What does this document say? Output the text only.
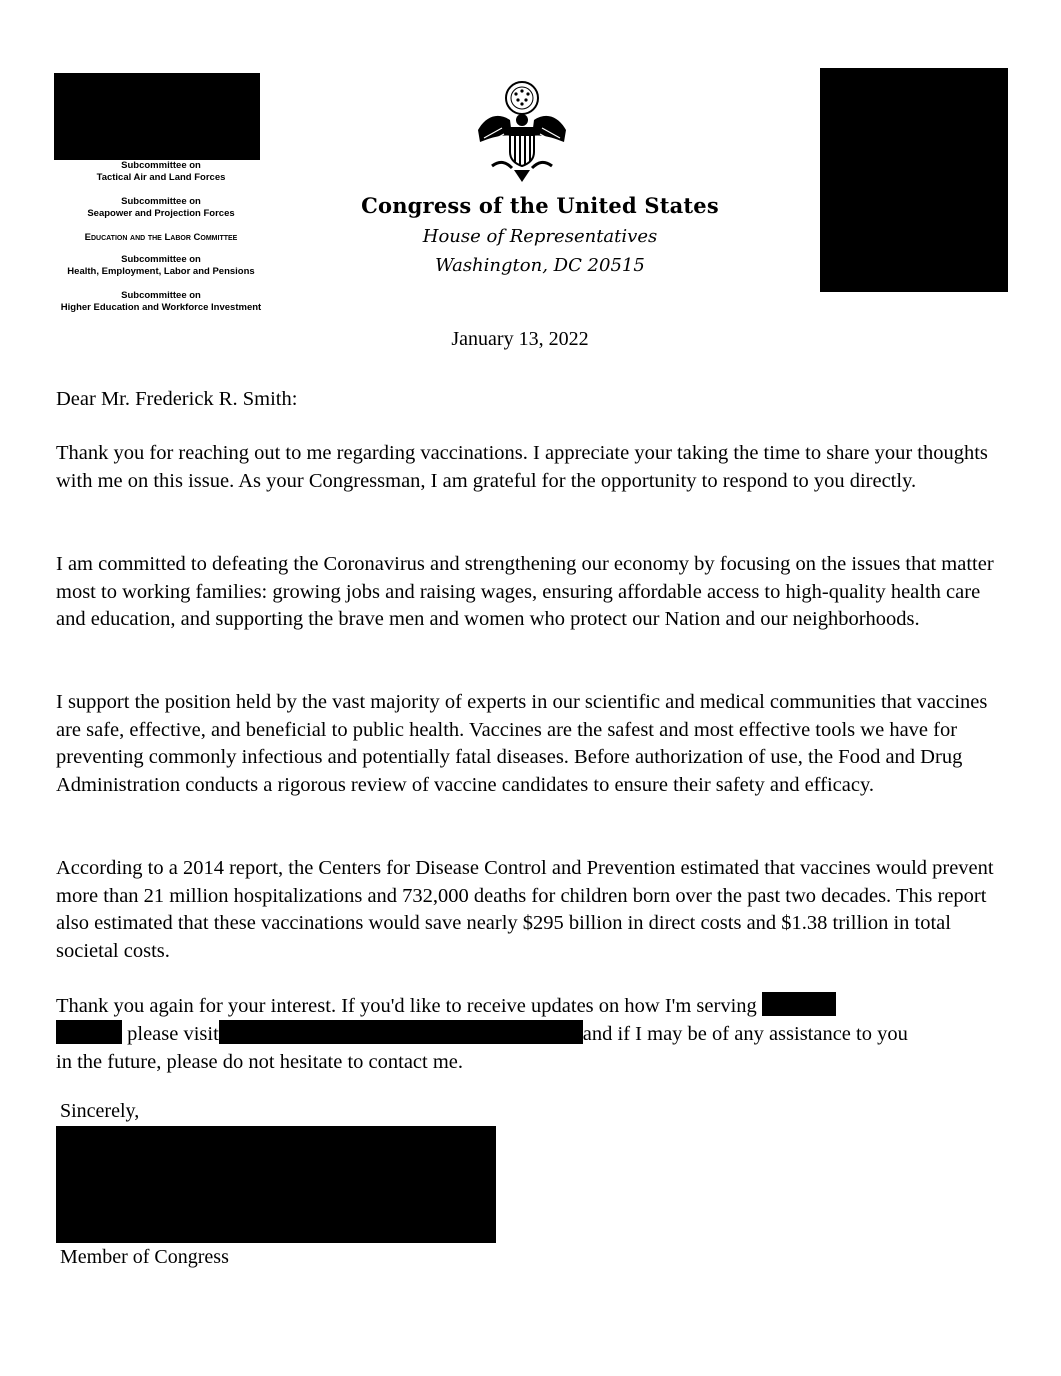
Subcommittee on
Tactical Air and Land Forces
Subcommittee on
Seapower and Projection Forces
Education and the Labor Committee
Subcommittee on
Health, Employment, Labor and Pensions
Subcommittee on
Higher Education and Workforce Investment
Congress of the United States
House of Representatives
Washington, DC 20515
January 13, 2022

Dear Mr. Frederick R. Smith:

Thank you for reaching out to me regarding vaccinations. I appreciate your taking the time to share your thoughts with me on this issue. As your Congressman, I am grateful for the opportunity to respond to you directly.

I am committed to defeating the Coronavirus and strengthening our economy by focusing on the issues that matter most to working families: growing jobs and raising wages, ensuring affordable access to high-quality health care and education, and supporting the brave men and women who protect our Nation and our neighborhoods.

I support the position held by the vast majority of experts in our scientific and medical communities that vaccines are safe, effective, and beneficial to public health. Vaccines are the safest and most effective tools we have for preventing commonly infectious and potentially fatal diseases. Before authorization of use, the Food and Drug Administration conducts a rigorous review of vaccine candidates to ensure their safety and efficacy.

According to a 2014 report, the Centers for Disease Control and Prevention estimated that vaccines would prevent more than 21 million hospitalizations and 732,000 deaths for children born over the past two decades. This report also estimated that these vaccinations would save nearly $295 billion in direct costs and $1.38 trillion in total societal costs.

Thank you again for your interest. If you'd like to receive updates on how I'm serving
please visit	and if I may be of any assistance to you
in the future, please do not hesitate to contact me.
Sincerely,
Member of Congress
